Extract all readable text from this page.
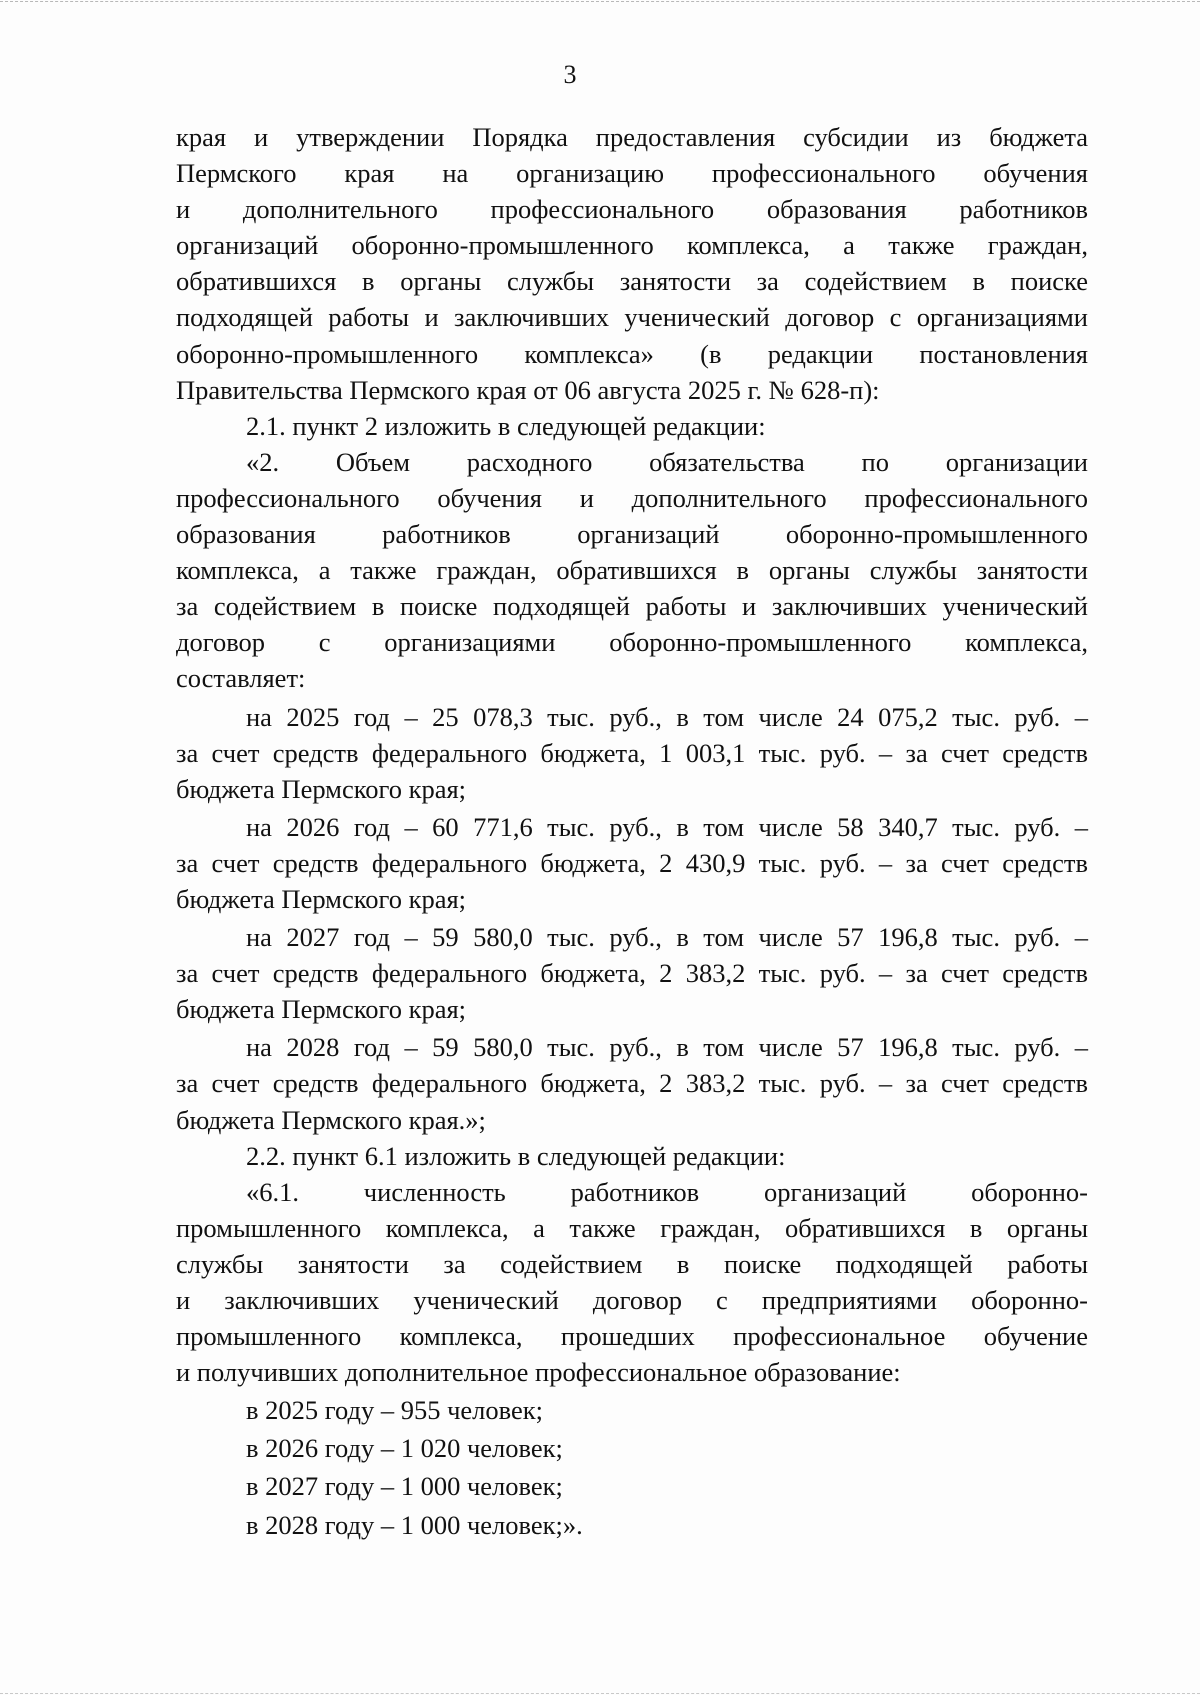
3

края и утверждении Порядка предоставления субсидии из бюджета

Пермского края на организацию профессионального обучения

и дополнительного профессионального образования работников

организаций оборонно-промышленного комплекса, а также граждан,

обратившихся в органы службы занятости за содействием в поиске

подходящей работы и заключивших ученический договор с организациями

оборонно-промышленного комплекса» (в редакции постановления

Правительства Пермского края от 06 августа 2025 г. № 628-п):

2.1. пункт 2 изложить в следующей редакции:

«2. Объем расходного обязательства по организации

профессионального обучения и дополнительного профессионального

образования работников организаций оборонно-промышленного

комплекса, а также граждан, обратившихся в органы службы занятости

за содействием в поиске подходящей работы и заключивших ученический

договор с организациями оборонно-промышленного комплекса,

составляет:

на 2025 год – 25 078,3 тыс. руб., в том числе 24 075,2 тыс. руб. –

за счет средств федерального бюджета, 1 003,1 тыс. руб. – за счет средств

бюджета Пермского края;

на 2026 год – 60 771,6 тыс. руб., в том числе 58 340,7 тыс. руб. –

за счет средств федерального бюджета, 2 430,9 тыс. руб. – за счет средств

бюджета Пермского края;

на 2027 год – 59 580,0 тыс. руб., в том числе 57 196,8 тыс. руб. –

за счет средств федерального бюджета, 2 383,2 тыс. руб. – за счет средств

бюджета Пермского края;

на 2028 год – 59 580,0 тыс. руб., в том числе 57 196,8 тыс. руб. –

за счет средств федерального бюджета, 2 383,2 тыс. руб. – за счет средств

бюджета Пермского края.»;

2.2. пункт 6.1 изложить в следующей редакции:

«6.1. численность работников организаций оборонно-

промышленного комплекса, а также граждан, обратившихся в органы

службы занятости за содействием в поиске подходящей работы

и заключивших ученический договор с предприятиями оборонно-

промышленного комплекса, прошедших профессиональное обучение

и получивших дополнительное профессиональное образование:

в 2025 году – 955 человек;

в 2026 году – 1 020 человек;

в 2027 году – 1 000 человек;

в 2028 году – 1 000 человек;».
